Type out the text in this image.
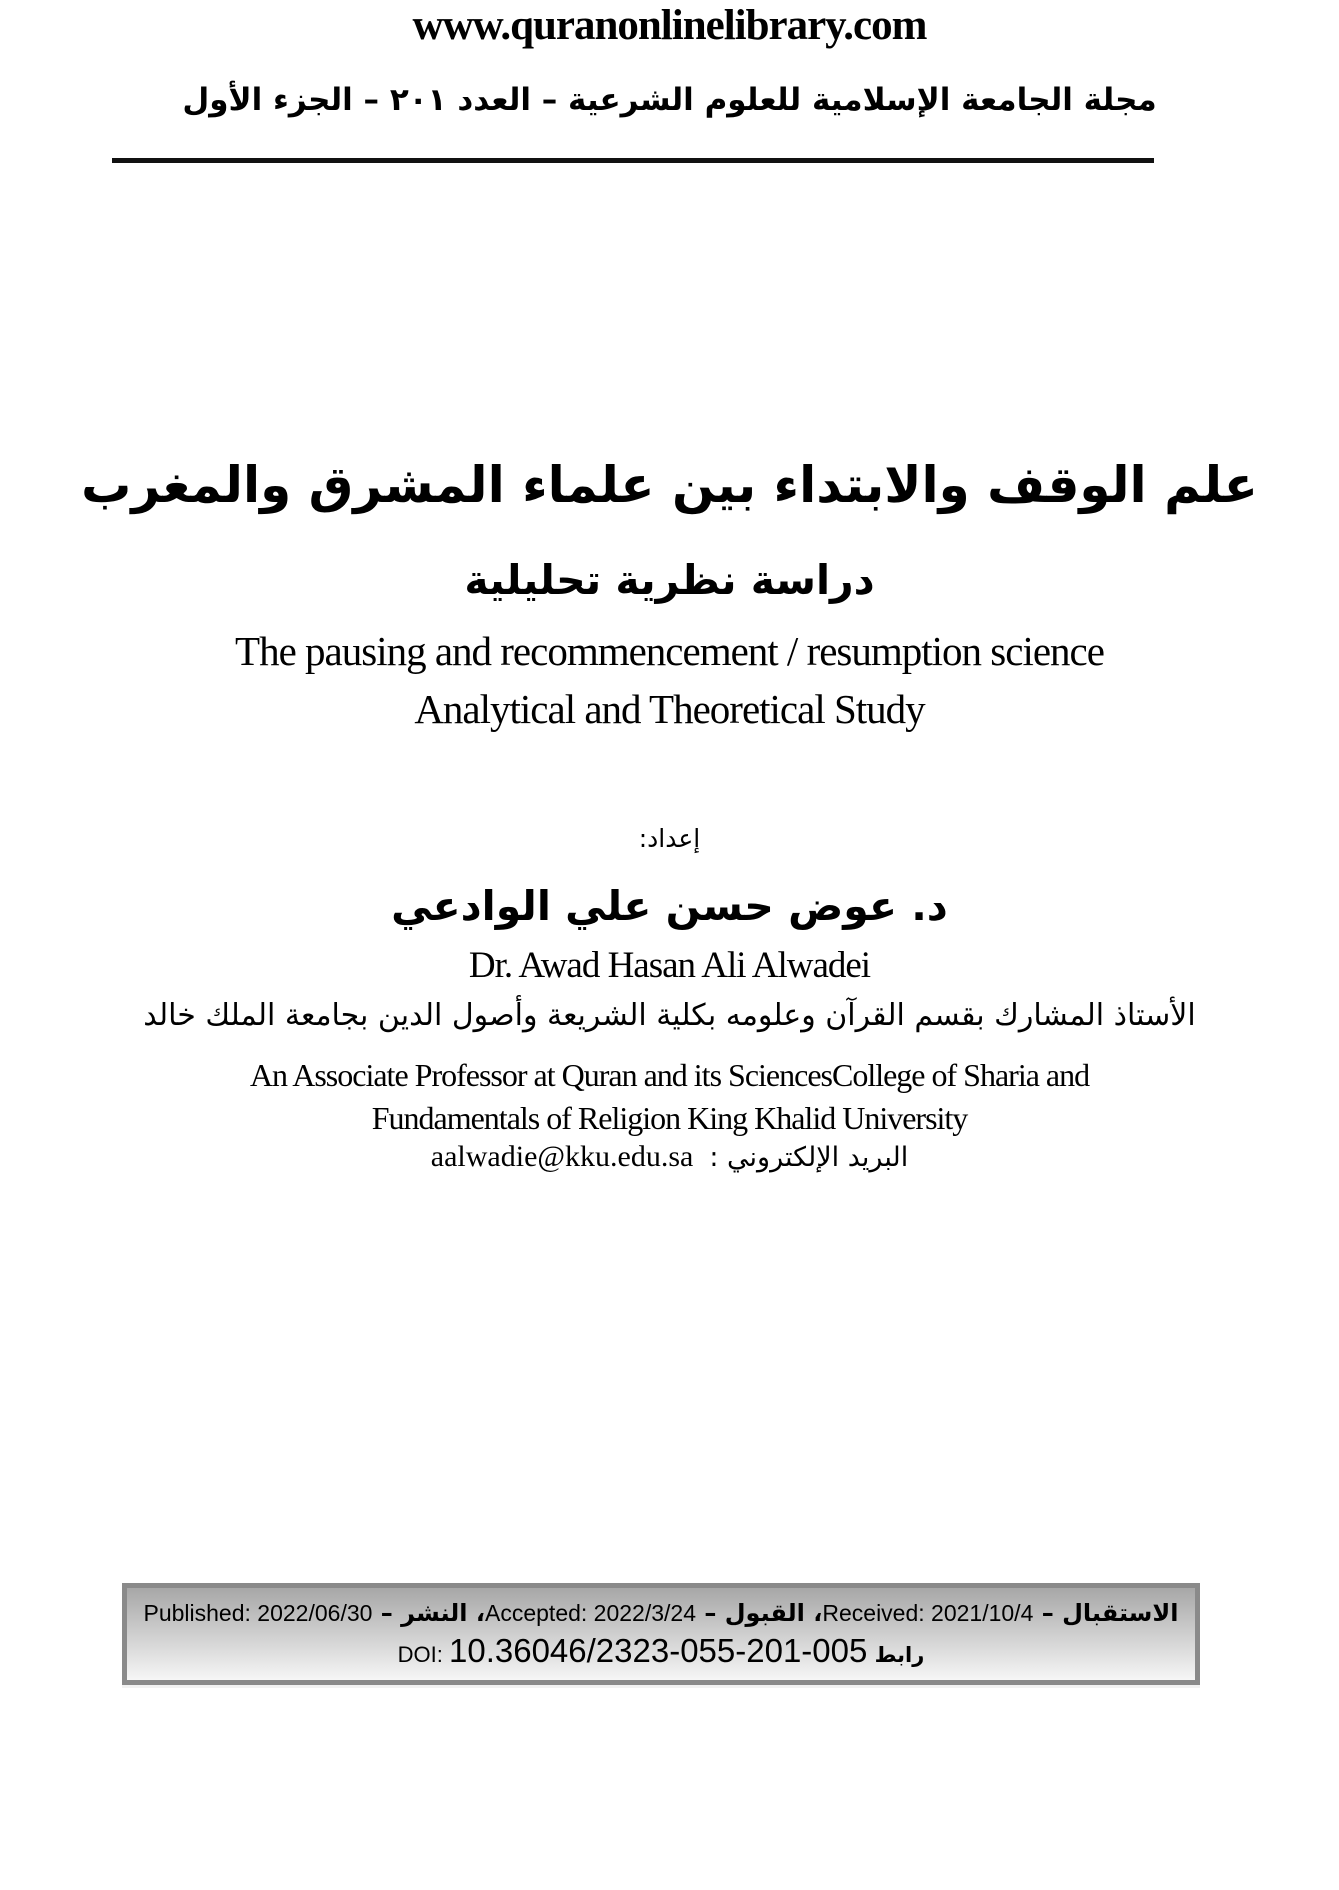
www.quranonlinelibrary.com
مجلة الجامعة الإسلامية للعلوم الشرعية – العدد ٢٠١ – الجزء الأول
علم الوقف والابتداء بين علماء المشرق والمغرب
دراسة نظرية تحليلية
The pausing and recommencement / resumption science
Analytical and Theoretical Study
إعداد:
د. عوض حسن علي الوادعي
Dr. Awad Hasan Ali Alwadei
الأستاذ المشارك بقسم القرآن وعلومه بكلية الشريعة وأصول الدين بجامعة الملك خالد
An Associate Professor at Quran and its SciencesCollege of Sharia and
Fundamentals of Religion King Khalid University
البريد الإلكتروني :aalwadie@kku.edu.sa
الاستقبال – Received: 2021/10/4، القبول – Accepted: 2022/3/24، النشر – Published: 2022/06/30
رابط DOI: 10.36046/2323-055-201-005
